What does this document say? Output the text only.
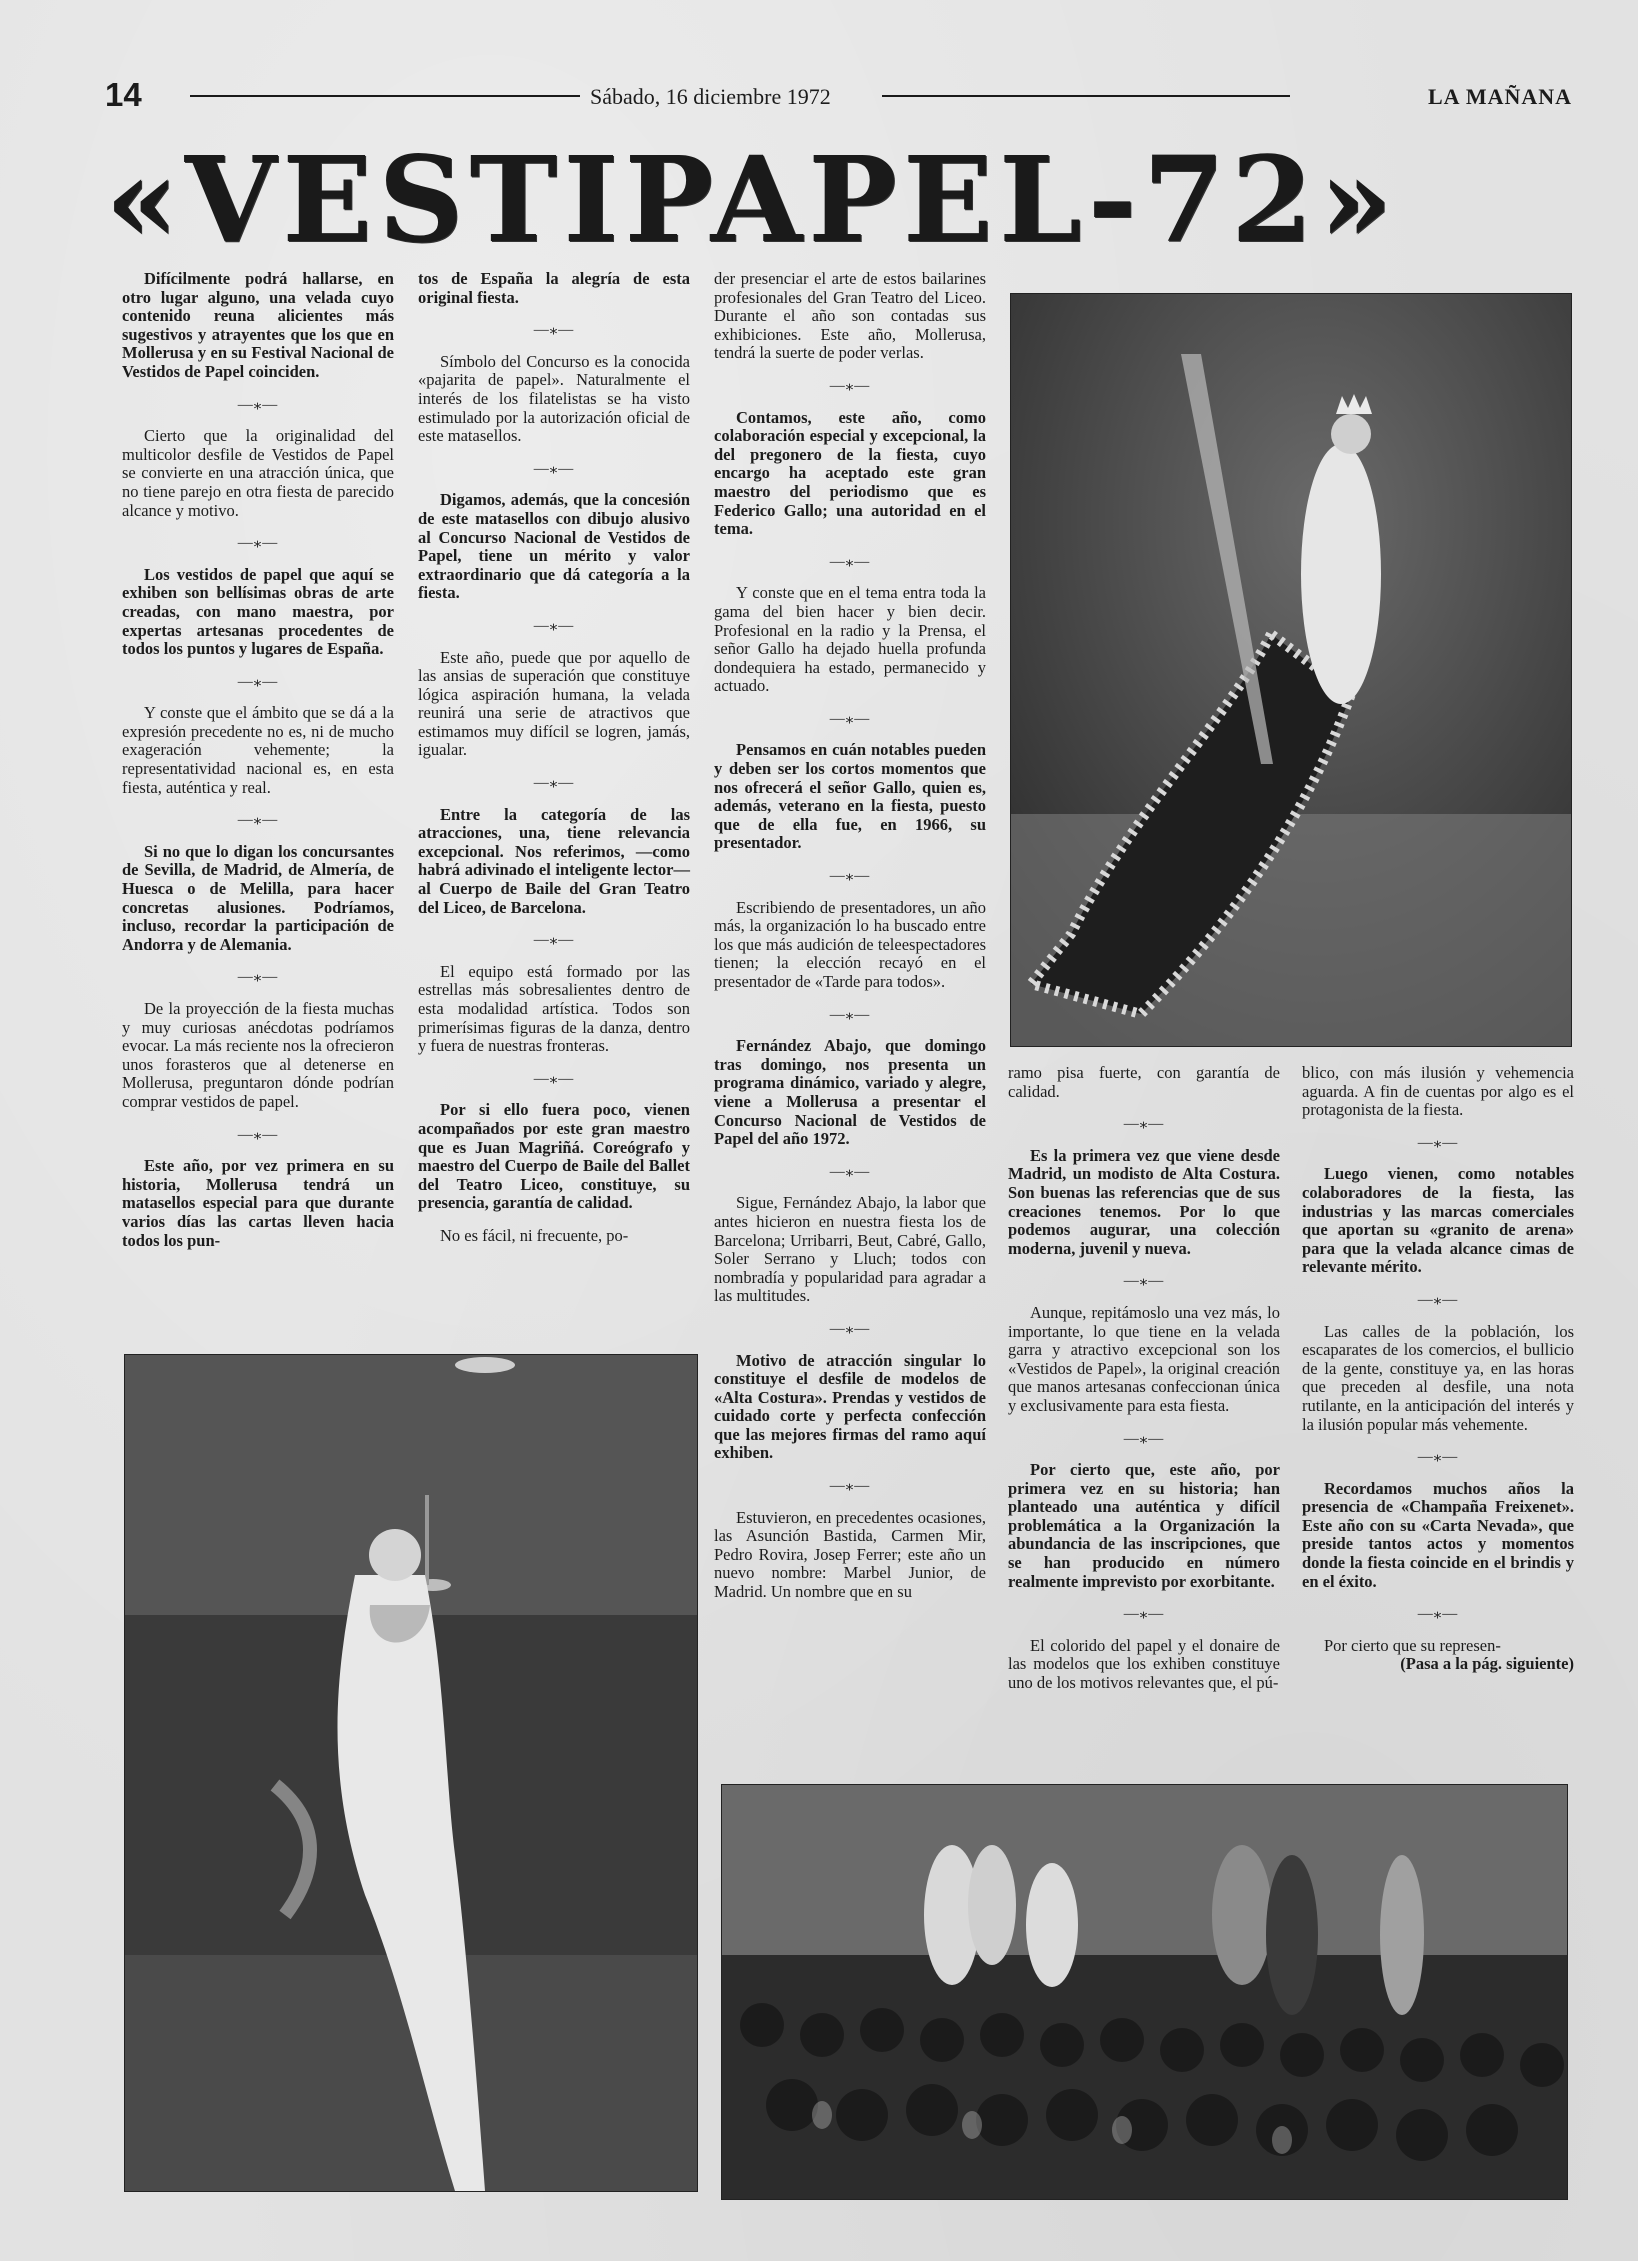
14	Sábado, 16 diciembre 1972	LA MAÑANA
«VESTIPAPEL-72»

Difícilmente podrá hallarse, en otro lugar alguno, una velada cuyo contenido reuna alicientes más sugestivos y atrayentes que los que en Mollerusa y en su Festival Nacional de Vestidos de Papel coinciden.

—⁎—

Cierto que la originalidad del multicolor desfile de Vestidos de Papel se convierte en una atracción única, que no tiene parejo en otra fiesta de parecido alcance y motivo.

—⁎—

Los vestidos de papel que aquí se exhiben son bellísimas obras de arte creadas, con mano maestra, por expertas artesanas procedentes de todos los puntos y lugares de España.

—⁎—

Y conste que el ámbito que se dá a la expresión precedente no es, ni de mucho exageración vehemente; la representatividad nacional es, en esta fiesta, auténtica y real.

—⁎—

Si no que lo digan los concursantes de Sevilla, de Madrid, de Almería, de Huesca o de Melilla, para hacer concretas alusiones. Podríamos, incluso, recordar la participación de Andorra y de Alemania.

—⁎—

De la proyección de la fiesta muchas y muy curiosas anécdotas podríamos evocar. La más reciente nos la ofrecieron unos forasteros que al detenerse en Mollerusa, preguntaron dónde podrían comprar vestidos de papel.

—⁎—

Este año, por vez primera en su historia, Mollerusa tendrá un matasellos especial para que durante varios días las cartas lleven hacia todos los pun-

tos de España la alegría de esta original fiesta.

—⁎—

Símbolo del Concurso es la conocida «pajarita de papel». Naturalmente el interés de los filatelistas se ha visto estimulado por la autorización oficial de este matasellos.

—⁎—

Digamos, además, que la concesión de este matasellos con dibujo alusivo al Concurso Nacional de Vestidos de Papel, tiene un mérito y valor extraordinario que dá categoría a la fiesta.

—⁎—

Este año, puede que por aquello de las ansias de superación que constituye lógica aspiración humana, la velada reunirá una serie de atractivos que estimamos muy difícil se logren, jamás, igualar.

—⁎—

Entre la categoría de las atracciones, una, tiene relevancia excepcional. Nos referimos, —como habrá adivinado el inteligente lector— al Cuerpo de Baile del Gran Teatro del Liceo, de Barcelona.

—⁎—

El equipo está formado por las estrellas más sobresalientes dentro de esta modalidad artística. Todos son primerísimas figuras de la danza, dentro y fuera de nuestras fronteras.

—⁎—

Por si ello fuera poco, vienen acompañados por este gran maestro que es Juan Magriñá. Coreógrafo y maestro del Cuerpo de Baile del Ballet del Teatro Liceo, constituye, su presencia, garantía de calidad.

No es fácil, ni frecuente, po-

der presenciar el arte de estos bailarines profesionales del Gran Teatro del Liceo. Durante el año son contadas sus exhibiciones. Este año, Mollerusa, tendrá la suerte de poder verlas.

—⁎—

Contamos, este año, como colaboración especial y excepcional, la del pregonero de la fiesta, cuyo encargo ha aceptado este gran maestro del periodismo que es Federico Gallo; una autoridad en el tema.

—⁎—

Y conste que en el tema entra toda la gama del bien hacer y bien decir. Profesional en la radio y la Prensa, el señor Gallo ha dejado huella profunda dondequiera ha estado, permanecido y actuado.

—⁎—

Pensamos en cuán notables pueden y deben ser los cortos momentos que nos ofrecerá el señor Gallo, quien es, además, veterano en la fiesta, puesto que de ella fue, en 1966, su presentador.

—⁎—

Escribiendo de presentadores, un año más, la organización lo ha buscado entre los que más audición de teleespectadores tienen; la elección recayó en el presentador de «Tarde para todos».

—⁎—

Fernández Abajo, que domingo tras domingo, nos presenta un programa dinámico, variado y alegre, viene a Mollerusa a presentar el Concurso Nacional de Vestidos de Papel del año 1972.

—⁎—

Sigue, Fernández Abajo, la labor que antes hicieron en nuestra fiesta los de Barcelona; Urribarri, Beut, Cabré, Gallo, Soler Serrano y Lluch; todos con nombradía y popularidad para agradar a las multitudes.

—⁎—

Motivo de atracción singular lo constituye el desfile de modelos de «Alta Costura». Prendas y vestidos de cuidado corte y perfecta confección que las mejores firmas del ramo aquí exhiben.

—⁎—

Estuvieron, en precedentes ocasiones, las Asunción Bastida, Carmen Mir, Pedro Rovira, Josep Ferrer; este año un nuevo nombre: Marbel Junior, de Madrid. Un nombre que en su

ramo pisa fuerte, con garantía de calidad.

—⁎—

Es la primera vez que viene desde Madrid, un modisto de Alta Costura. Son buenas las referencias que de sus creaciones tenemos. Por lo que podemos augurar, una colección moderna, juvenil y nueva.

—⁎—

Aunque, repitámoslo una vez más, lo importante, lo que tiene en la velada garra y atractivo excepcional son los «Vestidos de Papel», la original creación que manos artesanas confeccionan única y exclusivamente para esta fiesta.

—⁎—

Por cierto que, este año, por primera vez en su historia; han planteado una auténtica y difícil problemática a la Organización la abundancia de las inscripciones, que se han producido en número realmente imprevisto por exorbitante.

—⁎—

El colorido del papel y el donaire de las modelos que los exhiben constituye uno de los motivos relevantes que, el pú-

blico, con más ilusión y vehemencia aguarda. A fin de cuentas por algo es el protagonista de la fiesta.

—⁎—

Luego vienen, como notables colaboradores de la fiesta, las industrias y las marcas comerciales que aportan su «granito de arena» para que la velada alcance cimas de relevante mérito.

—⁎—

Las calles de la población, los escaparates de los comercios, el bullicio de la gente, constituye ya, en las horas que preceden al desfile, una nota rutilante, en la anticipación del interés y la ilusión popular más vehemente.

—⁎—

Recordamos muchos años la presencia de «Champaña Freixenet». Este año con su «Carta Nevada», que preside tantos actos y momentos donde la fiesta coincide en el brindis y en el éxito.

—⁎—

Por cierto que su represen-

(Pasa a la pág. siguiente)
